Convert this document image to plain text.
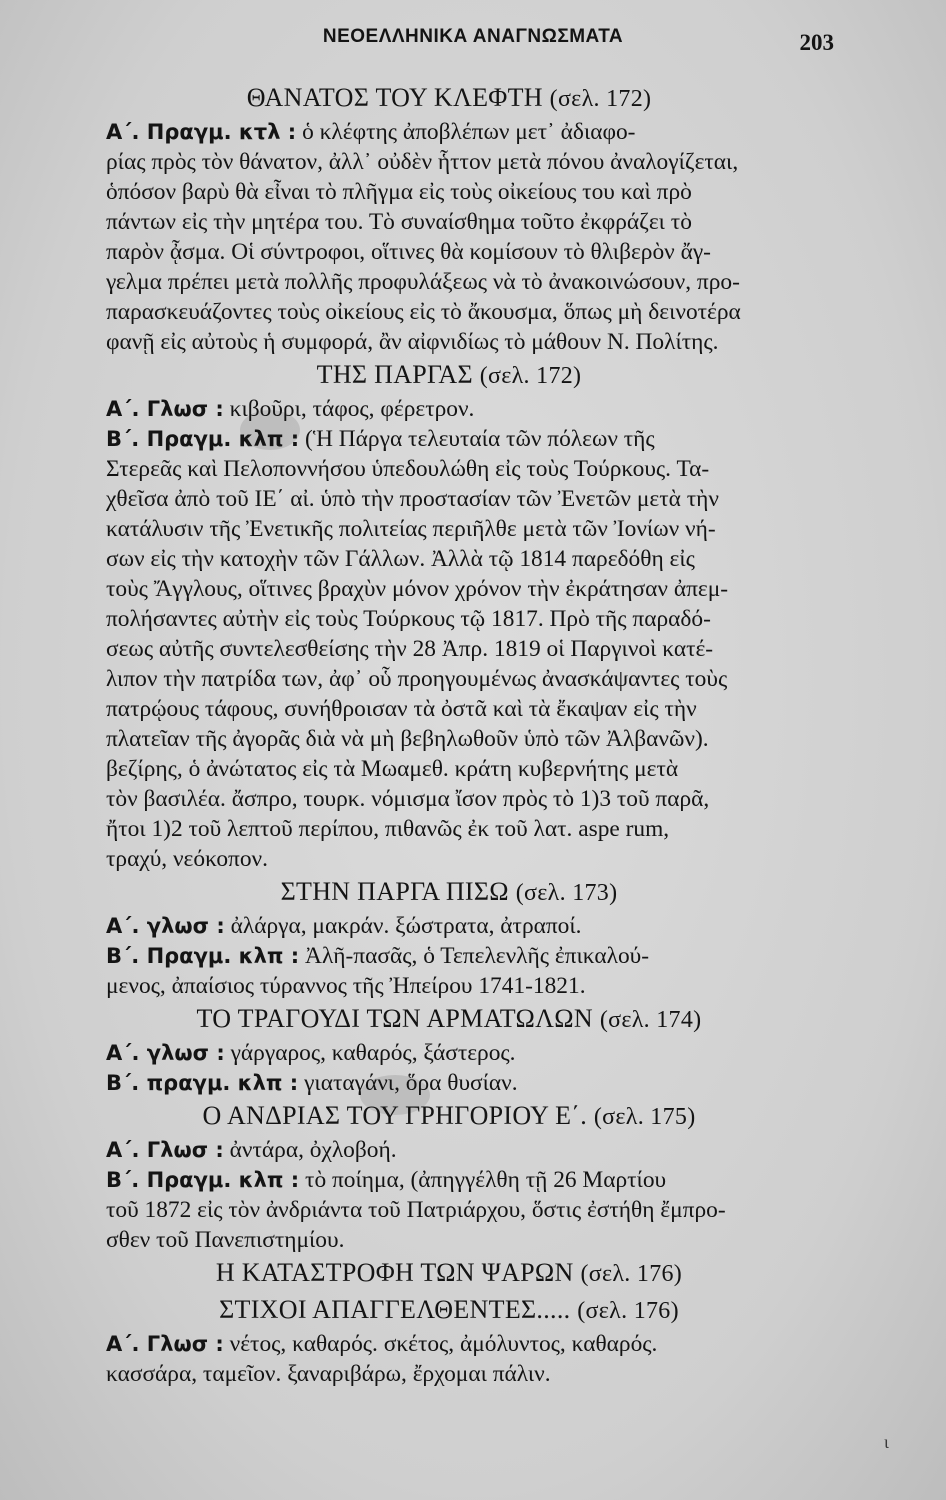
ΝΕΟΕΛΛΗΝΙΚΑ ΑΝΑΓΝΩΣΜΑΤΑ	203
ΘΑΝΑΤΟΣ ΤΟΥ ΚΛΕΦΤΗ (σελ. 172)
Α΄. Πραγμ. κτλ : ὁ κλέφτης ἀποβλέπων μετ᾽ ἀδιαφο-
ρίας πρὸς τὸν θάνατον, ἀλλ᾽ οὐδὲν ἧττον μετὰ πόνου ἀναλογίζεται,
ὁπόσον βαρὺ θὰ εἶναι τὸ πλῆγμα εἰς τοὺς οἰκείους του καὶ πρὸ
πάντων εἰς τὴν μητέρα του. Τὸ συναίσθημα τοῦτο ἐκφράζει τὸ
παρὸν ᾆσμα. Οἱ σύντροφοι, οἵτινες θὰ κομίσουν τὸ θλιβερὸν ἄγ-
γελμα πρέπει μετὰ πολλῆς προφυλάξεως νὰ τὸ ἀνακοινώσουν, προ-
παρασκευάζοντες τοὺς οἰκείους εἰς τὸ ἄκουσμα, ὅπως μὴ δεινοτέρα
φανῇ εἰς αὐτοὺς ἡ συμφορά, ἂν αἰφνιδίως τὸ μάθουν Ν. Πολίτης.
ΤΗΣ ΠΑΡΓΑΣ (σελ. 172)
Α΄. Γλωσ : κιβοῦρι, τάφος, φέρετρον.
Β΄. Πραγμ. κλπ : (Ἡ Πάργα τελευταία τῶν πόλεων τῆς
Στερεᾶς καὶ Πελοποννήσου ὑπεδουλώθη εἰς τοὺς Τούρκους. Τα-
χθεῖσα ἀπὸ τοῦ ΙΕ΄ αἰ. ὑπὸ τὴν προστασίαν τῶν Ἐνετῶν μετὰ τὴν
κατάλυσιν τῆς Ἐνετικῆς πολιτείας περιῆλθε μετὰ τῶν Ἰονίων νή-
σων εἰς τὴν κατοχὴν τῶν Γάλλων. Ἀλλὰ τῷ 1814 παρεδόθη εἰς
τοὺς Ἄγγλους, οἵτινες βραχὺν μόνον χρόνον τὴν ἐκράτησαν ἀπεμ-
πολήσαντες αὐτὴν εἰς τοὺς Τούρκους τῷ 1817. Πρὸ τῆς παραδό-
σεως αὐτῆς συντελεσθείσης τὴν 28 Ἀπρ. 1819 οἱ Παργινοὶ κατέ-
λιπον τὴν πατρίδα των, ἀφ᾽ οὗ προηγουμένως ἀνασκάψαντες τοὺς
πατρῴους τάφους, συνήθροισαν τὰ ὀστᾶ καὶ τὰ ἔκαψαν εἰς τὴν
πλατεῖαν τῆς ἀγορᾶς διὰ νὰ μὴ βεβηλωθοῦν ὑπὸ τῶν Ἀλβανῶν).
βεζίρης, ὁ ἀνώτατος εἰς τὰ Μωαμεθ. κράτη κυβερνήτης μετὰ
τὸν βασιλέα. ἄσπρο, τουρκ. νόμισμα ἴσον πρὸς τὸ 1)3 τοῦ παρᾶ,
ἤτοι 1)2 τοῦ λεπτοῦ περίπου, πιθανῶς ἐκ τοῦ λατ. aspe rum,
τραχύ, νεόκοπον.
ΣΤΗΝ ΠΑΡΓΑ ΠΙΣΩ (σελ. 173)
Α΄. γλωσ : ἀλάργα, μακράν. ξώστρατα, ἀτραποί.
Β΄. Πραγμ. κλπ : Ἀλῆ-πασᾶς, ὁ Τεπελενλῆς ἐπικαλού-
μενος, ἀπαίσιος τύραννος τῆς Ἠπείρου 1741-1821.
ΤΟ ΤΡΑΓΟΥΔΙ ΤΩΝ ΑΡΜΑΤΩΛΩΝ (σελ. 174)
Α΄. γλωσ : γάργαρος, καθαρός, ξάστερος.
Β΄. πραγμ. κλπ : γιαταγάνι, ὅρα θυσίαν.
Ο ΑΝΔΡΙΑΣ ΤΟΥ ΓΡΗΓΟΡΙΟΥ Ε΄. (σελ. 175)
Α΄. Γλωσ : ἀντάρα, ὀχλοβοή.
Β΄. Πραγμ. κλπ : τὸ ποίημα, (ἀπηγγέλθη τῇ 26 Μαρτίου
τοῦ 1872 εἰς τὸν ἀνδριάντα τοῦ Πατριάρχου, ὅστις ἐστήθη ἔμπρο-
σθεν τοῦ Πανεπιστημίου.
Η ΚΑΤΑΣΤΡΟΦΗ ΤΩΝ ΨΑΡΩΝ (σελ. 176)
ΣΤΙΧΟΙ ΑΠΑΓΓΕΛΘΕΝΤΕΣ..... (σελ. 176)
Α΄. Γλωσ : νέτος, καθαρός. σκέτος, ἀμόλυντος, καθαρός.
κασσάρα, ταμεῖον. ξαναριβάρω, ἔρχομαι πάλιν.
ι
